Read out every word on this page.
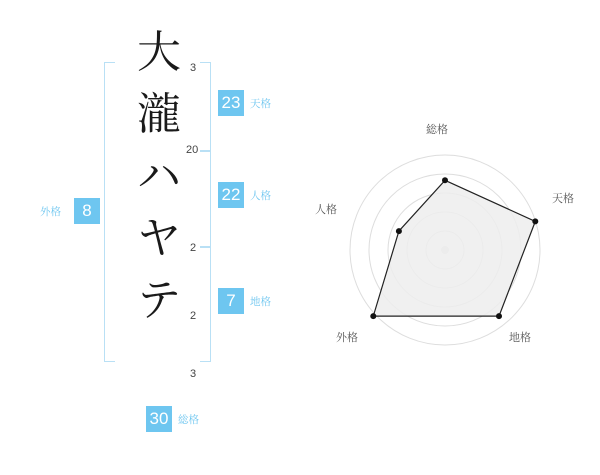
大
瀧
ハ
ヤ
テ
3
20
2
2
3
8
外格
23 天格
22 人格
7	地格
30 総格
総格
天格
地格
外格
人格
